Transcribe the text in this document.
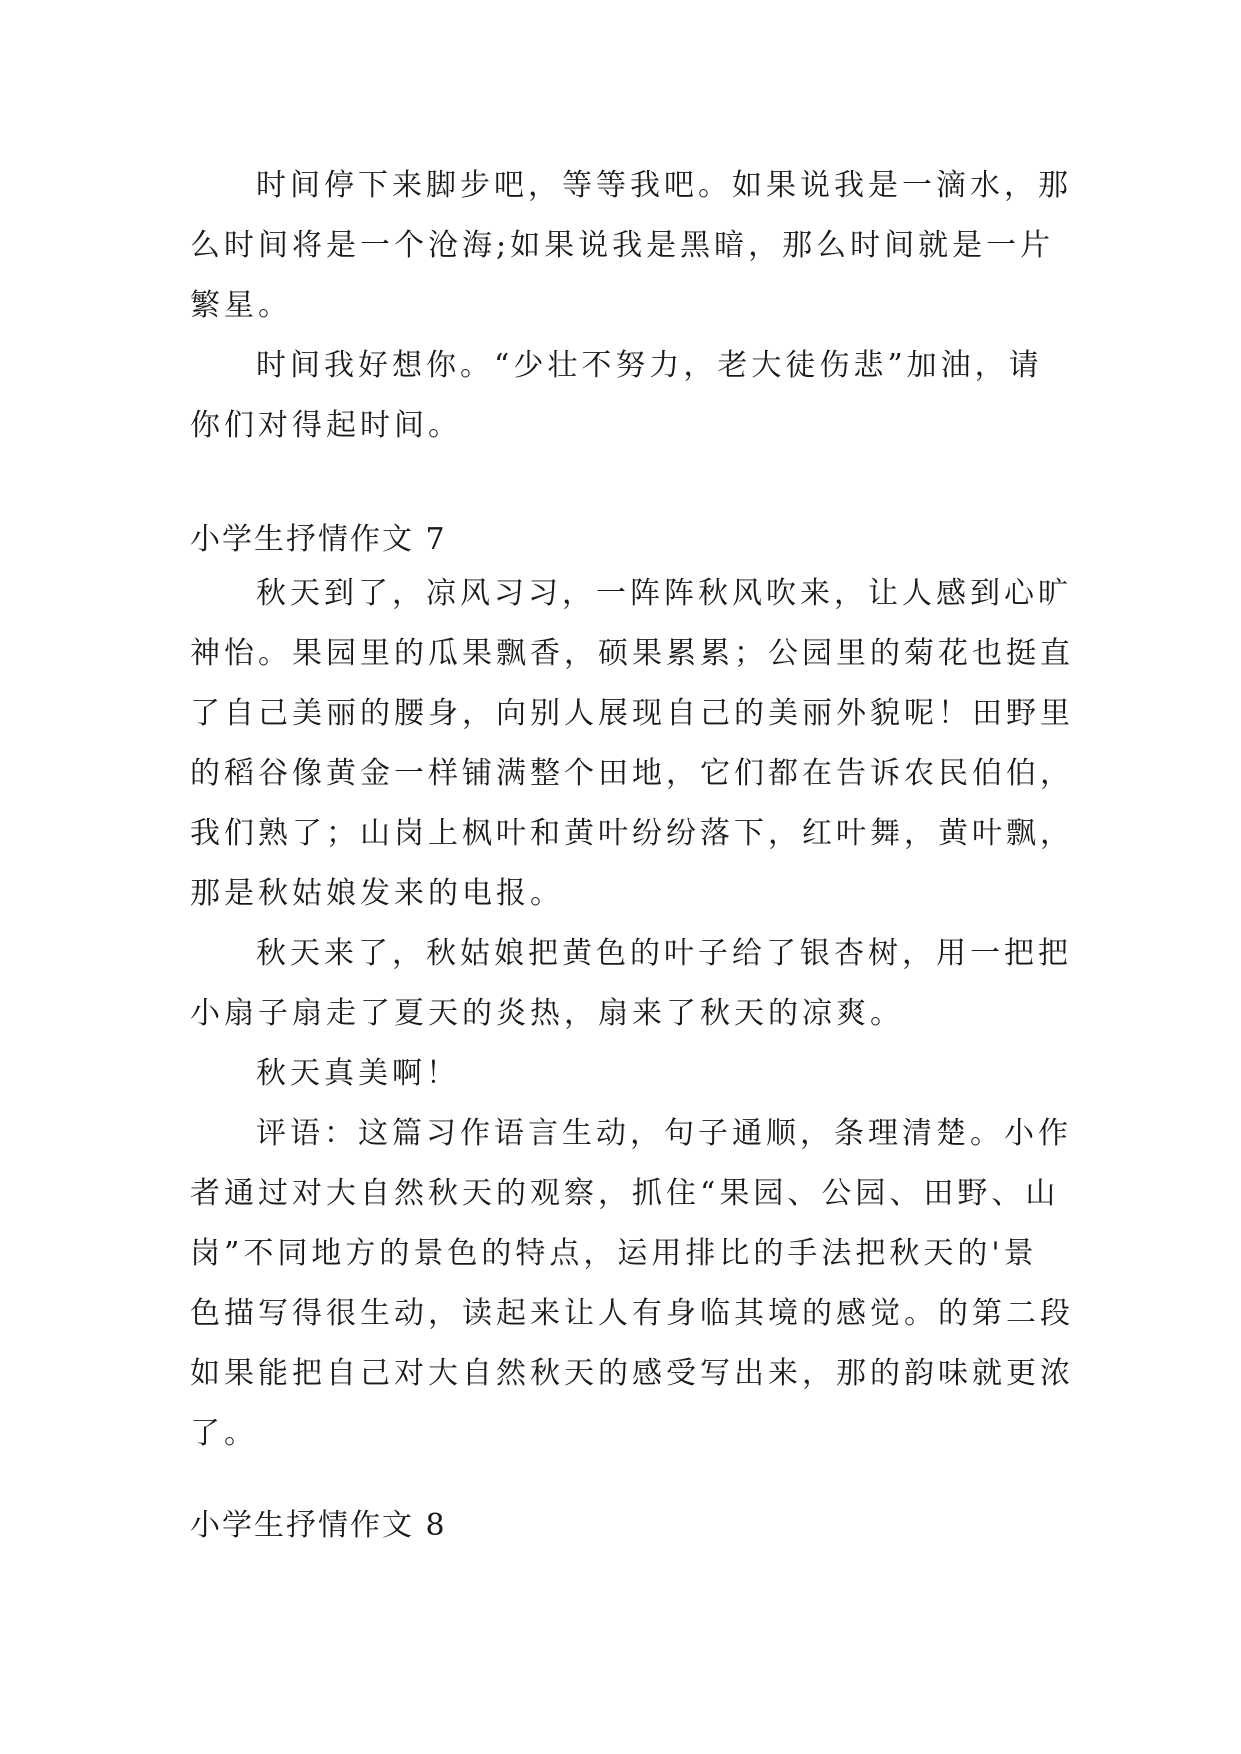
时间停下来脚步吧，等等我吧。如果说我是一滴水，那
么时间将是一个沧海;如果说我是黑暗，那么时间就是一片
繁星。
时间我好想你。“少壮不努力，老大徒伤悲”加油，请
你们对得起时间。
小学生抒情作文 7
秋天到了，凉风习习，一阵阵秋风吹来，让人感到心旷
神怡。果园里的瓜果飘香，硕果累累；公园里的菊花也挺直
了自己美丽的腰身，向别人展现自己的美丽外貌呢！田野里
的稻谷像黄金一样铺满整个田地，它们都在告诉农民伯伯，
我们熟了；山岗上枫叶和黄叶纷纷落下，红叶舞，黄叶飘，
那是秋姑娘发来的电报。
秋天来了，秋姑娘把黄色的叶子给了银杏树，用一把把
小扇子扇走了夏天的炎热，扇来了秋天的凉爽。
秋天真美啊！
评语：这篇习作语言生动，句子通顺，条理清楚。小作
者通过对大自然秋天的观察，抓住“果园、公园、田野、山
岗”不同地方的景色的特点，运用排比的手法把秋天的'景
色描写得很生动，读起来让人有身临其境的感觉。的第二段
如果能把自己对大自然秋天的感受写出来，那的韵味就更浓
了。
小学生抒情作文 8
